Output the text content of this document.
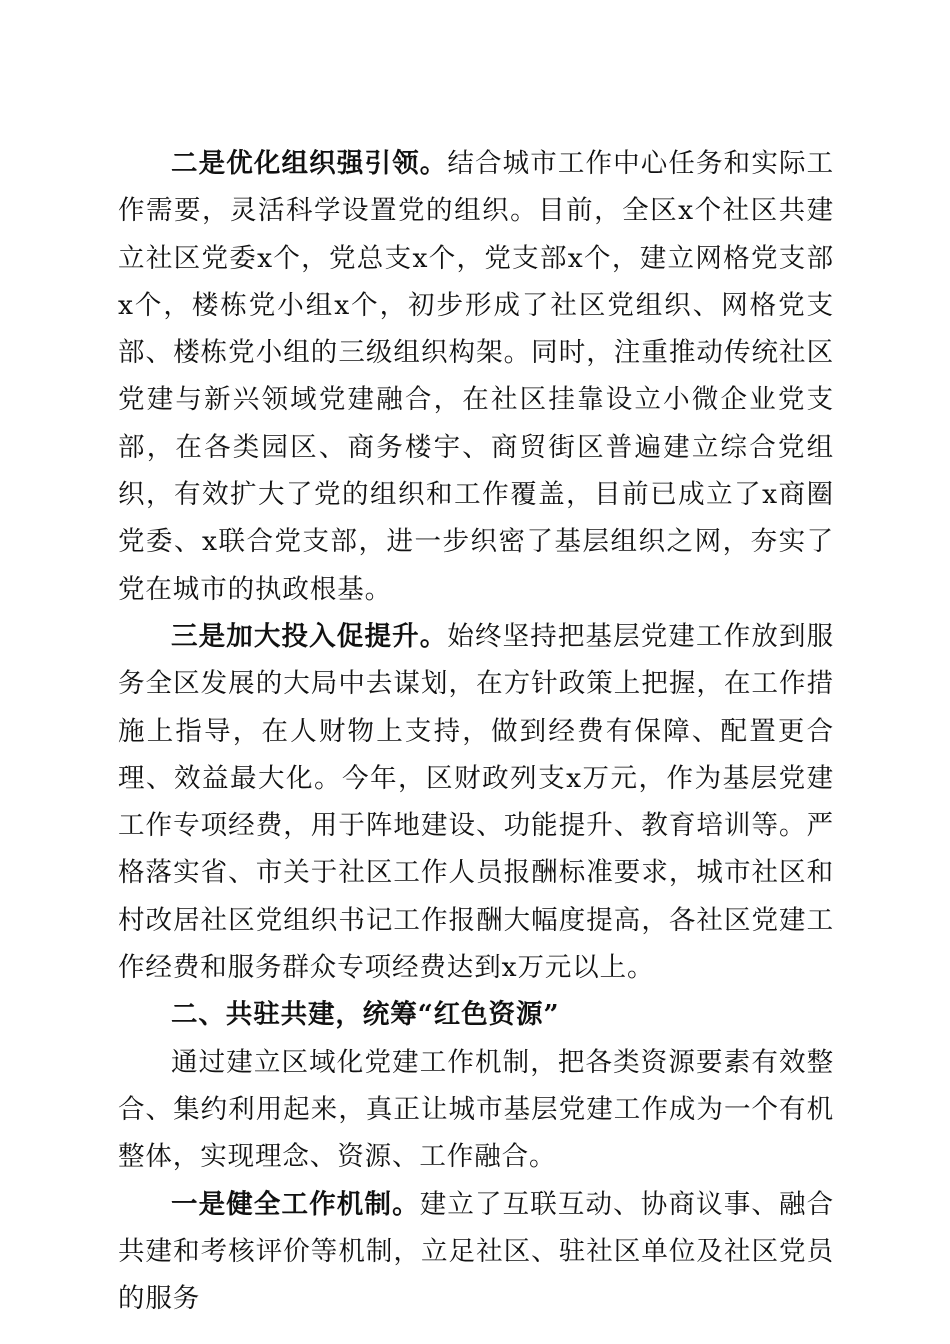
二是优化组织强引领。结合城市工作中心任务和实际工作需要，灵活科学设置党的组织。目前，全区x个社区共建立社区党委x个，党总支x个，党支部x个，建立网格党支部x个，楼栋党小组x个，初步形成了社区党组织、网格党支部、楼栋党小组的三级组织构架。同时，注重推动传统社区党建与新兴领域党建融合，在社区挂靠设立小微企业党支部，在各类园区、商务楼宇、商贸街区普遍建立综合党组织，有效扩大了党的组织和工作覆盖，目前已成立了x商圈党委、x联合党支部，进一步织密了基层组织之网，夯实了党在城市的执政根基。

三是加大投入促提升。始终坚持把基层党建工作放到服务全区发展的大局中去谋划，在方针政策上把握，在工作措施上指导，在人财物上支持，做到经费有保障、配置更合理、效益最大化。今年，区财政列支x万元，作为基层党建工作专项经费，用于阵地建设、功能提升、教育培训等。严格落实省、市关于社区工作人员报酬标准要求，城市社区和村改居社区党组织书记工作报酬大幅度提高，各社区党建工作经费和服务群众专项经费达到x万元以上。

二、共驻共建，统筹“红色资源”

通过建立区域化党建工作机制，把各类资源要素有效整合、集约利用起来，真正让城市基层党建工作成为一个有机整体，实现理念、资源、工作融合。

一是健全工作机制。建立了互联互动、协商议事、融合共建和考核评价等机制，立足社区、驻社区单位及社区党员的服务
